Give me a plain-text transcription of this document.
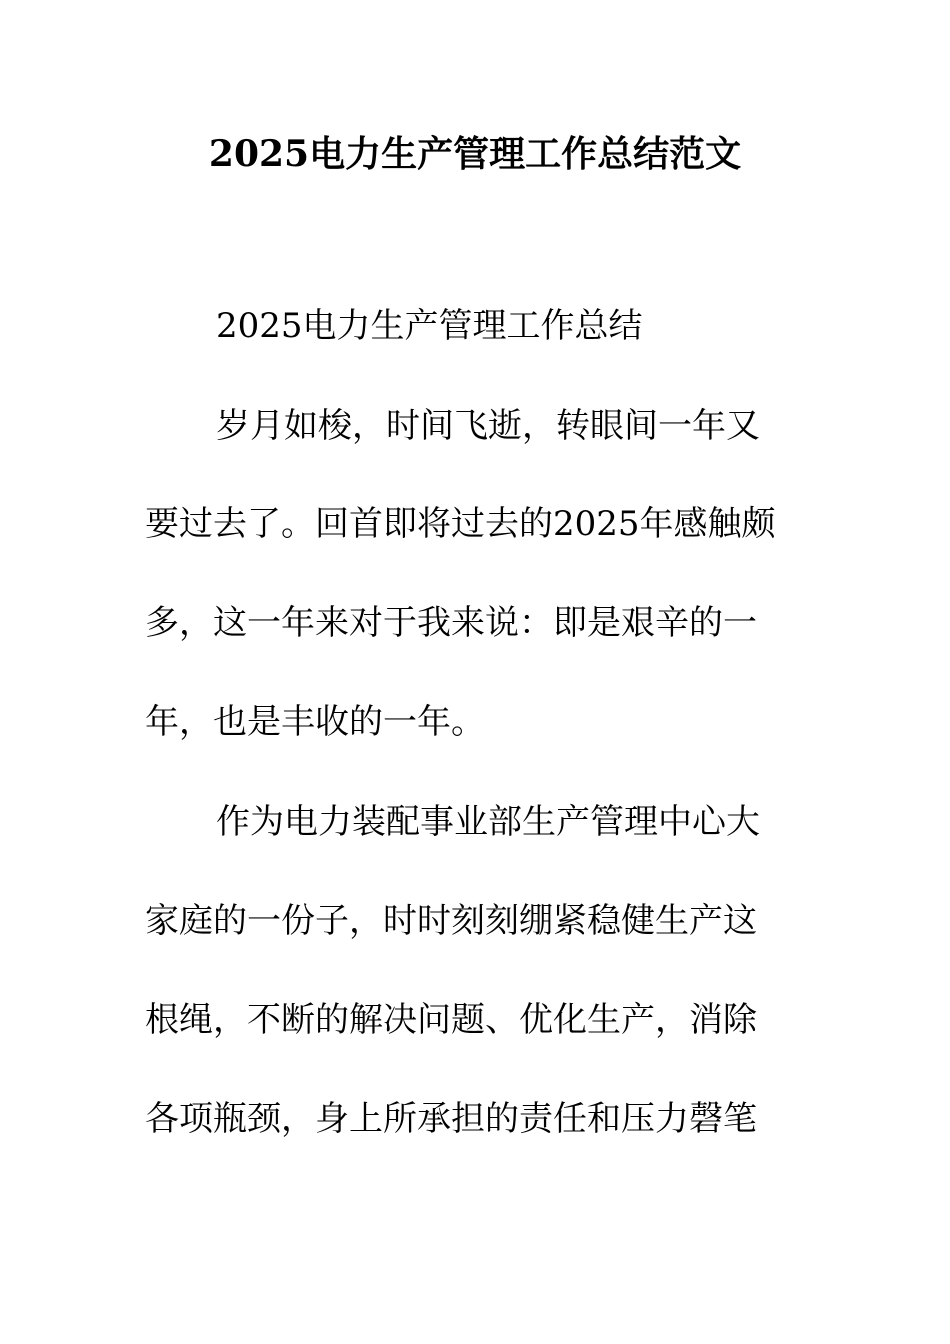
2025电力生产管理工作总结范文
2025电力生产管理工作总结
岁月如梭，时间飞逝，转眼间一年又
要过去了。回首即将过去的2025年感触颇
多，这一年来对于我来说：即是艰辛的一
年，也是丰收的一年。
作为电力装配事业部生产管理中心大
家庭的一份子，时时刻刻绷紧稳健生产这
根绳，不断的解决问题、优化生产，消除
各项瓶颈，身上所承担的责任和压力磬笔
